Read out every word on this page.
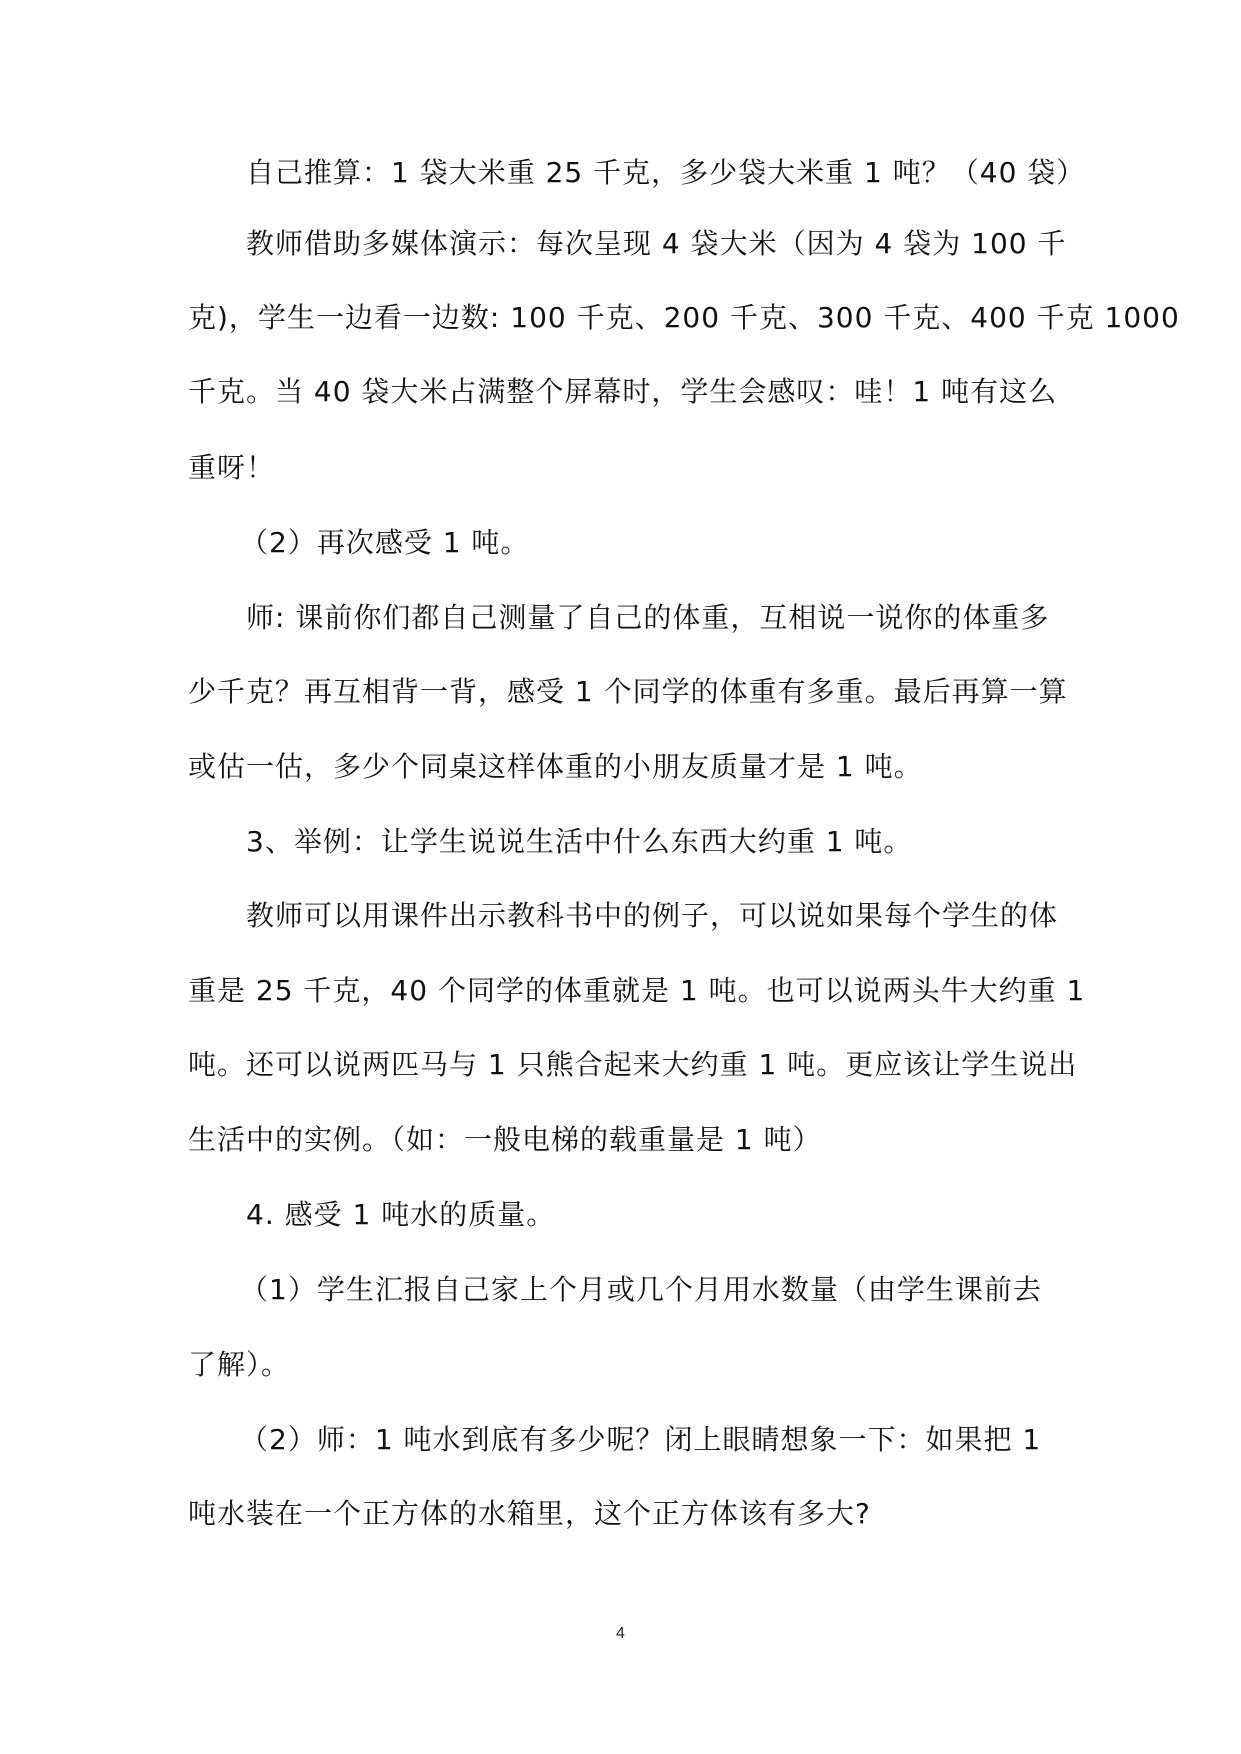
自己推算：1 袋大米重 25 千克，多少袋大米重 1 吨？（40 袋）
教师借助多媒体演示：每次呈现 4 袋大米（因为 4 袋为 100 千
克)，学生一边看一边数: 100 千克、200 千克、300 千克、400 千克 1000
千克。当 40 袋大米占满整个屏幕时，学生会感叹：哇！1 吨有这么
重呀！
（2）再次感受 1 吨。
师: 课前你们都自己测量了自己的体重，互相说一说你的体重多
少千克？再互相背一背，感受 1 个同学的体重有多重。最后再算一算
或估一估，多少个同桌这样体重的小朋友质量才是 1 吨。
3、举例：让学生说说生活中什么东西大约重 1 吨。
教师可以用课件出示教科书中的例子，可以说如果每个学生的体
重是 25 千克，40 个同学的体重就是 1 吨。也可以说两头牛大约重 1
吨。还可以说两匹马与 1 只熊合起来大约重 1 吨。更应该让学生说出
生活中的实例。（如：一般电梯的载重量是 1 吨）
4. 感受 1 吨水的质量。
（1）学生汇报自己家上个月或几个月用水数量（由学生课前去
了解）。
（2）师：1 吨水到底有多少呢？闭上眼睛想象一下：如果把 1
吨水装在一个正方体的水箱里，这个正方体该有多大?
4
